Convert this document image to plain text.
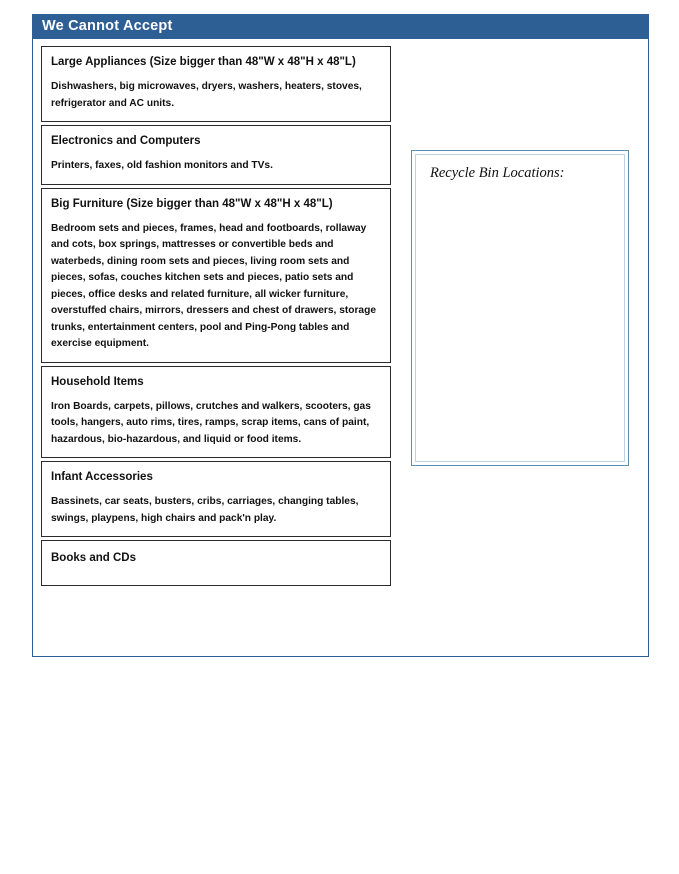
We Cannot Accept
Large Appliances (Size bigger than 48"W x 48"H x 48"L)
Dishwashers, big microwaves, dryers, washers, heaters, stoves, refrigerator and AC units.
Electronics and Computers
Printers, faxes, old fashion monitors and TVs.
Big Furniture (Size bigger than 48"W x 48"H x 48"L)
Bedroom sets and pieces, frames, head and footboards, rollaway and cots, box springs, mattresses or convertible beds and waterbeds, dining room sets and pieces, living room sets and pieces, sofas, couches kitchen sets and pieces, patio sets and pieces, office desks and related furniture, all wicker furniture, overstuffed chairs, mirrors, dressers and chest of drawers, storage trunks, entertainment centers, pool and Ping-Pong tables and exercise equipment.
Household Items
Iron Boards, carpets, pillows, crutches and walkers, scooters, gas tools, hangers, auto rims, tires, ramps, scrap items, cans of paint, hazardous, bio-hazardous, and liquid or food items.
Infant Accessories
Bassinets, car seats, busters, cribs, carriages, changing tables, swings, playpens, high chairs and pack'n play.
Books and CDs
Recycle Bin Locations:
